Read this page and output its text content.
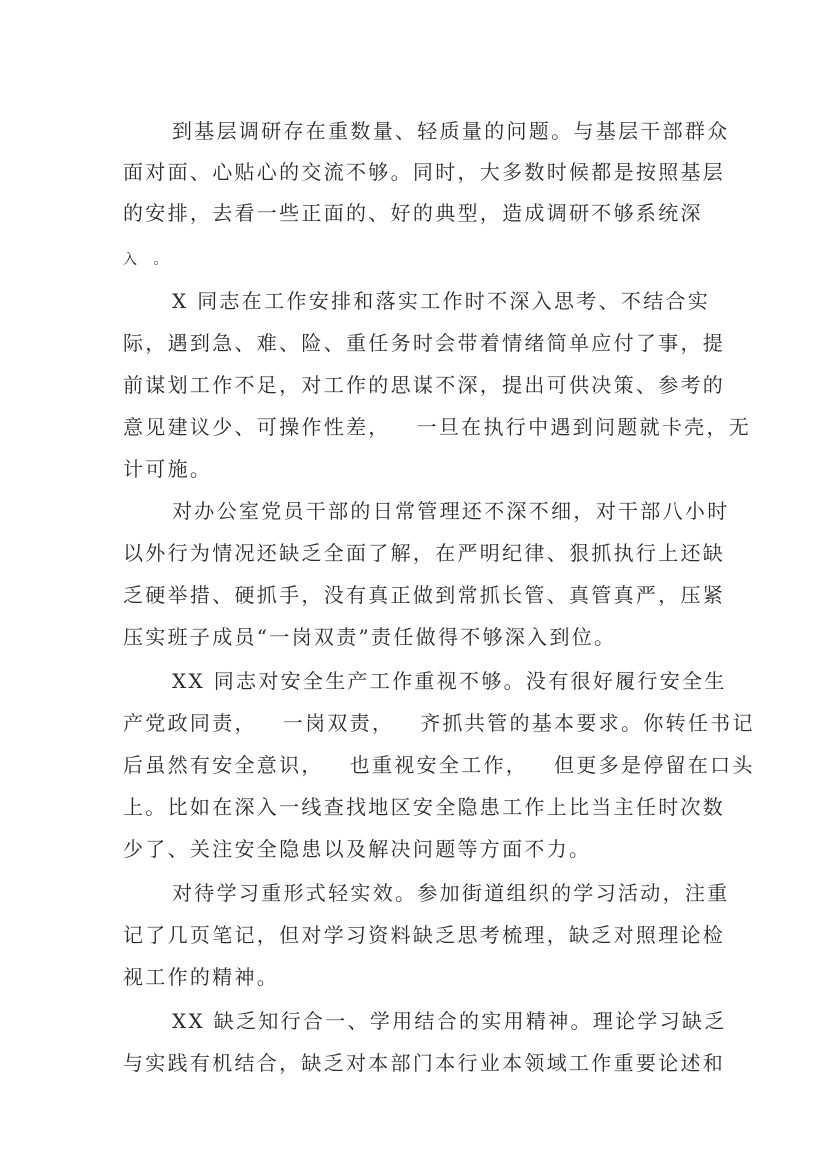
到基层调研存在重数量、轻质量的问题。与基层干部群众
面对面、心贴心的交流不够。同时，大多数时候都是按照基层
的安排，去看一些正面的、好的典型，造成调研不够系统深
入 。
X 同志在工作安排和落实工作时不深入思考、不结合实
际，遇到急、难、险、重任务时会带着情绪简单应付了事，提
前谋划工作不足，对工作的思谋不深，提出可供决策、参考的
意见建议少、可操作性差，   一旦在执行中遇到问题就卡壳，无
计可施。
对办公室党员干部的日常管理还不深不细，对干部八小时
以外行为情况还缺乏全面了解，在严明纪律、狠抓执行上还缺
乏硬举措、硬抓手，没有真正做到常抓长管、真管真严，压紧
压实班子成员“一岗双责”责任做得不够深入到位。
XX 同志对安全生产工作重视不够。没有很好履行安全生
产党政同责，   一岗双责，   齐抓共管的基本要求。你转任书记
后虽然有安全意识，   也重视安全工作，   但更多是停留在口头
上。比如在深入一线查找地区安全隐患工作上比当主任时次数
少了、关注安全隐患以及解决问题等方面不力。
对待学习重形式轻实效。参加街道组织的学习活动，注重
记了几页笔记，但对学习资料缺乏思考梳理，缺乏对照理论检
视工作的精神。
XX 缺乏知行合一、学用结合的实用精神。理论学习缺乏
与实践有机结合，缺乏对本部门本行业本领域工作重要论述和
